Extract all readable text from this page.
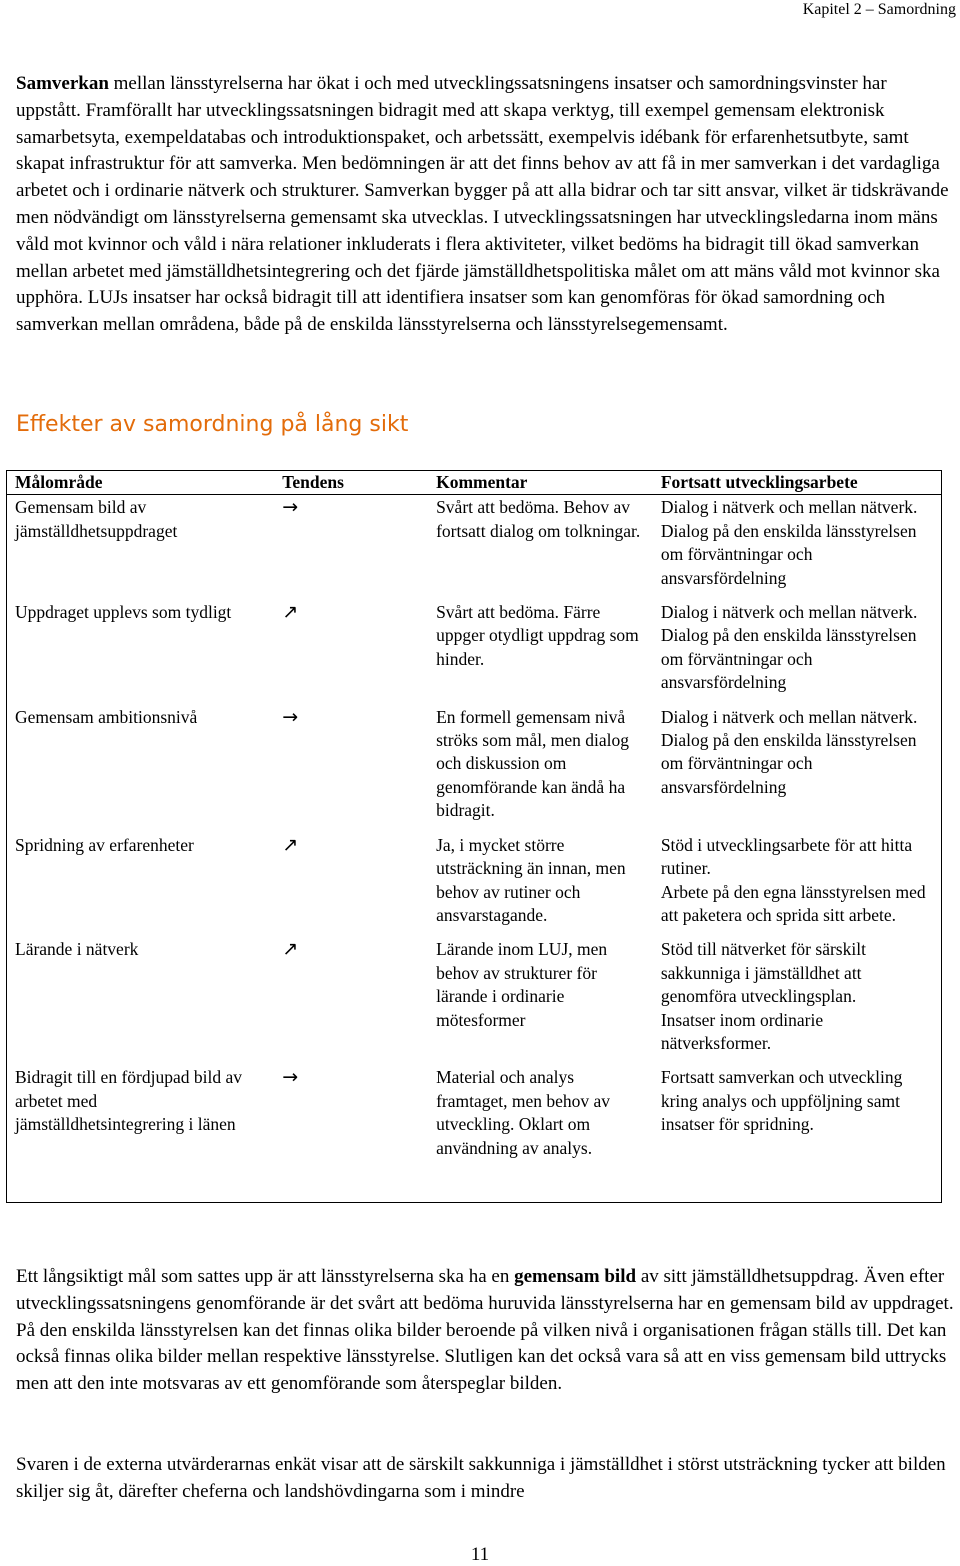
Kapitel 2 – Samordning

Samverkan mellan länsstyrelserna har ökat i och med utvecklingssatsningens insatser och samordningsvinster har uppstått. Framförallt har utvecklingssatsningen bidragit med att skapa verktyg, till exempel gemensam elektronisk samarbetsyta, exempeldatabas och introduktionspaket, och arbetssätt, exempelvis idébank för erfarenhetsutbyte, samt skapat infrastruktur för att samverka. Men bedömningen är att det finns behov av att få in mer samverkan i det vardagliga arbetet och i ordinarie nätverk och strukturer. Samverkan bygger på att alla bidrar och tar sitt ansvar, vilket är tidskrävande men nödvändigt om länsstyrelserna gemensamt ska utvecklas. I utvecklingssatsningen har utvecklingsledarna inom mäns våld mot kvinnor och våld i nära relationer inkluderats i flera aktiviteter, vilket bedöms ha bidragit till ökad samverkan mellan arbetet med jämställdhetsintegrering och det fjärde jämställdhetspolitiska målet om att mäns våld mot kvinnor ska upphöra. LUJs insatser har också bidragit till att identifiera insatser som kan genomföras för ökad samordning och samverkan mellan områdena, både på de enskilda länsstyrelserna och länsstyrelsegemensamt.

Effekter av samordning på lång sikt
Målområde	Tendens	Kommentar	Fortsatt utvecklingsarbete
Gemensam bild av jämställdhetsuppdraget	→	Svårt att bedöma. Behov av fortsatt dialog om tolkningar.	Dialog i nätverk och mellan nätverk.
Dialog på den enskilda länsstyrelsen om förväntningar och ansvarsfördelning

Uppdraget upplevs som tydligt	↗	Svårt att bedöma. Färre uppger otydligt uppdrag som hinder.	Dialog i nätverk och mellan nätverk.
Dialog på den enskilda länsstyrelsen om förväntningar och ansvarsfördelning

Gemensam ambitionsnivå	→	En formell gemensam nivå ströks som mål, men dialog och diskussion om genomförande kan ändå ha bidragit.	Dialog i nätverk och mellan nätverk.
Dialog på den enskilda länsstyrelsen om förväntningar och ansvarsfördelning

Spridning av erfarenheter	↗	Ja, i mycket större utsträckning än innan, men behov av rutiner och ansvarstagande.	Stöd i utvecklingsarbete för att hitta rutiner.
Arbete på den egna länsstyrelsen med att paketera och sprida sitt arbete.

Lärande i nätverk	↗	Lärande inom LUJ, men behov av strukturer för lärande i ordinarie mötesformer	Stöd till nätverket för särskilt sakkunniga i jämställdhet att genomföra utvecklingsplan.
Insatser inom ordinarie nätverksformer.

Bidragit till en fördjupad bild av arbetet med jämställdhetsintegrering i länen	→	Material och analys framtaget, men behov av utveckling. Oklart om användning av analys.	Fortsatt samverkan och utveckling kring analys och uppföljning samt insatser för spridning.

Ett långsiktigt mål som sattes upp är att länsstyrelserna ska ha en gemensam bild av sitt jämställdhetsuppdrag. Även efter utvecklingssatsningens genomförande är det svårt att bedöma huruvida länsstyrelserna har en gemensam bild av uppdraget. På den enskilda länsstyrelsen kan det finnas olika bilder beroende på vilken nivå i organisationen frågan ställs till. Det kan också finnas olika bilder mellan respektive länsstyrelse. Slutligen kan det också vara så att en viss gemensam bild uttrycks men att den inte motsvaras av ett genomförande som återspeglar bilden.

Svaren i de externa utvärderarnas enkät visar att de särskilt sakkunniga i jämställdhet i störst utsträckning tycker att bilden skiljer sig åt, därefter cheferna och landshövdingarna som i mindre

11
